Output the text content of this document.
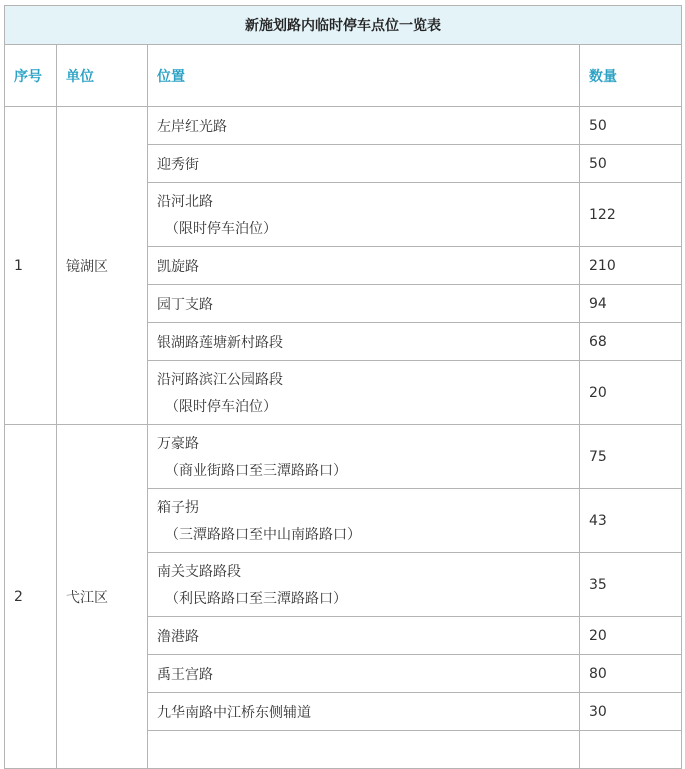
新施划路内临时停车点位一览表			
序号	单位	位置	数量
1	镜湖区	左岸红光路	50

		迎秀街	50

		沿河北路
（限时停车泊位）	122

		凯旋路	210

		园丁支路	94

		银湖路莲塘新村路段	68

		沿河路滨江公园路段
（限时停车泊位）	20
2	弋江区	万豪路
（商业街路口至三潭路路口）	75

		箱子拐
（三潭路路口至中山南路路口）	43

		南关支路路段
（利民路路口至三潭路路口）	35

		澛港路	20

		禹王宫路	80

		九华南路中江桥东侧辅道	30
